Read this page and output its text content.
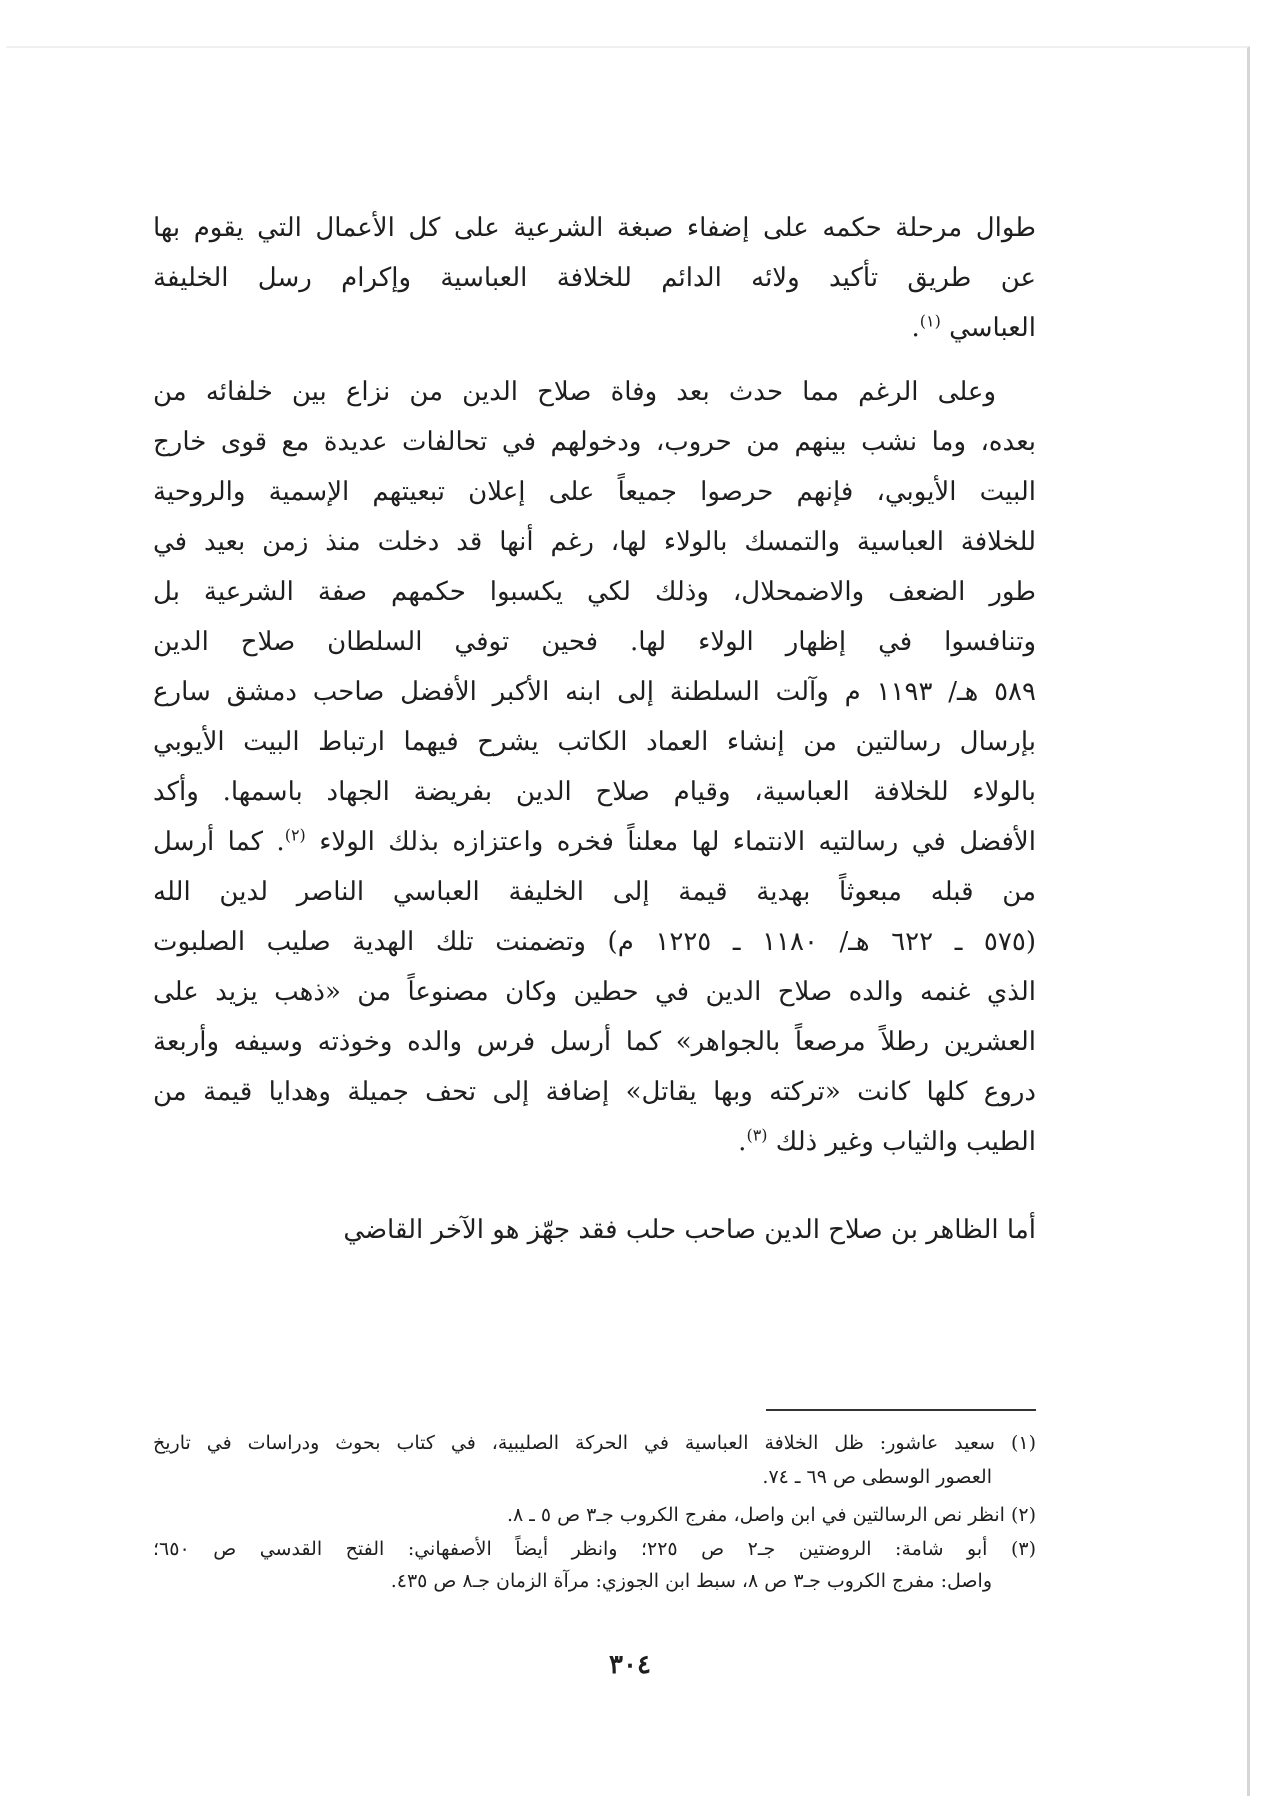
طوال مرحلة حكمه على إضفاء صبغة الشرعية على كل الأعمال التي يقوم بها
عن طريق تأكيد ولائه الدائم للخلافة العباسية وإكرام رسل الخليفة
العباسي $^{(١)}$.
وعلى الرغم مما حدث بعد وفاة صلاح الدين من نزاع بين خلفائه من
بعده، وما نشب بينهم من حروب، ودخولهم في تحالفات عديدة مع قوى خارج
البيت الأيوبي، فإنهم حرصوا جميعاً على إعلان تبعيتهم الإسمية والروحية
للخلافة العباسية والتمسك بالولاء لها، رغم أنها قد دخلت منذ زمن بعيد في
طور الضعف والاضمحلال، وذلك لكي يكسبوا حكمهم صفة الشرعية بل
وتنافسوا في إظهار الولاء لها. فحين توفي السلطان صلاح الدين
٥٨٩ هـ/ ١١٩٣ م وآلت السلطنة إلى ابنه الأكبر الأفضل صاحب دمشق سارع
بإرسال رسالتين من إنشاء العماد الكاتب يشرح فيهما ارتباط البيت الأيوبي
بالولاء للخلافة العباسية، وقيام صلاح الدين بفريضة الجهاد باسمها. وأكد
الأفضل في رسالتيه الانتماء لها معلناً فخره واعتزازه بذلك الولاء $^{(٢)}$. كما أرسل
من قبله مبعوثاً بهدية قيمة إلى الخليفة العباسي الناصر لدين الله
(٥٧٥ ـ ٦٢٢ هـ/ ١١٨٠ ـ ١٢٢٥ م) وتضمنت تلك الهدية صليب الصلبوت
الذي غنمه والده صلاح الدين في حطين وكان مصنوعاً من «ذهب يزيد على
العشرين رطلاً مرصعاً بالجواهر» كما أرسل فرس والده وخوذته وسيفه وأربعة
دروع كلها كانت «تركته وبها يقاتل» إضافة إلى تحف جميلة وهدايا قيمة من
الطيب والثياب وغير ذلك $^{(٣)}$.
أما الظاهر بن صلاح الدين صاحب حلب فقد جهّز هو الآخر القاضي
(١) سعيد عاشور: ظل الخلافة العباسية في الحركة الصليبية، في كتاب بحوث ودراسات في تاريخ
العصور الوسطى ص ٦٩ ـ ٧٤.
(٢) انظر نص الرسالتين في ابن واصل، مفرج الكروب جـ٣ ص ٥ ـ ٨.
(٣) أبو شامة: الروضتين جـ٢ ص ٢٢٥؛ وانظر أيضاً الأصفهاني: الفتح القدسي ص ٦٥٠؛
واصل: مفرج الكروب جـ٣ ص ٨، سبط ابن الجوزي: مرآة الزمان جـ٨ ص ٤٣٥.
٣٠٤
